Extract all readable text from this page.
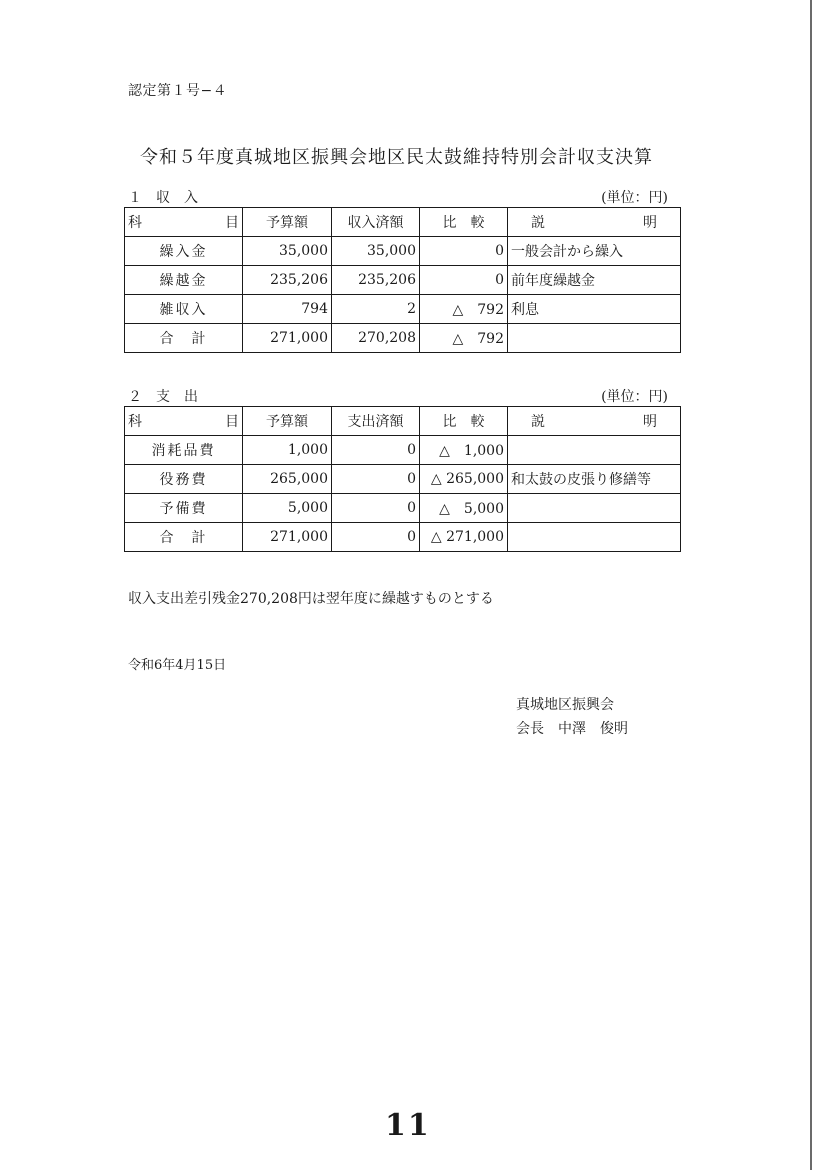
認定第１号−４
令和５年度真城地区振興会地区民太鼓維持特別会計収支決算
１　収　入	(単位：円)
科 目	予算額	収入済額	比　較	説 明

繰入金	35,000	35,000	0	一般会計から繰入
繰越金	235,206	235,206	0	前年度繰越金
雑収入	794	2	△　792	利息
合　計	271,000	270,208	△　792	
２　支　出	(単位：円)
科 目	予算額	支出済額	比　較	説 明

消耗品費	1,000	0	△　1,000	
役務費	265,000	0	△ 265,000	和太鼓の皮張り修繕等
予備費	5,000	0	△　5,000	
合　計	271,000	0	△ 271,000	
収入支出差引残金270,208円は翌年度に繰越すものとする
令和6年4月15日
真城地区振興会
会長　中澤　俊明
11
